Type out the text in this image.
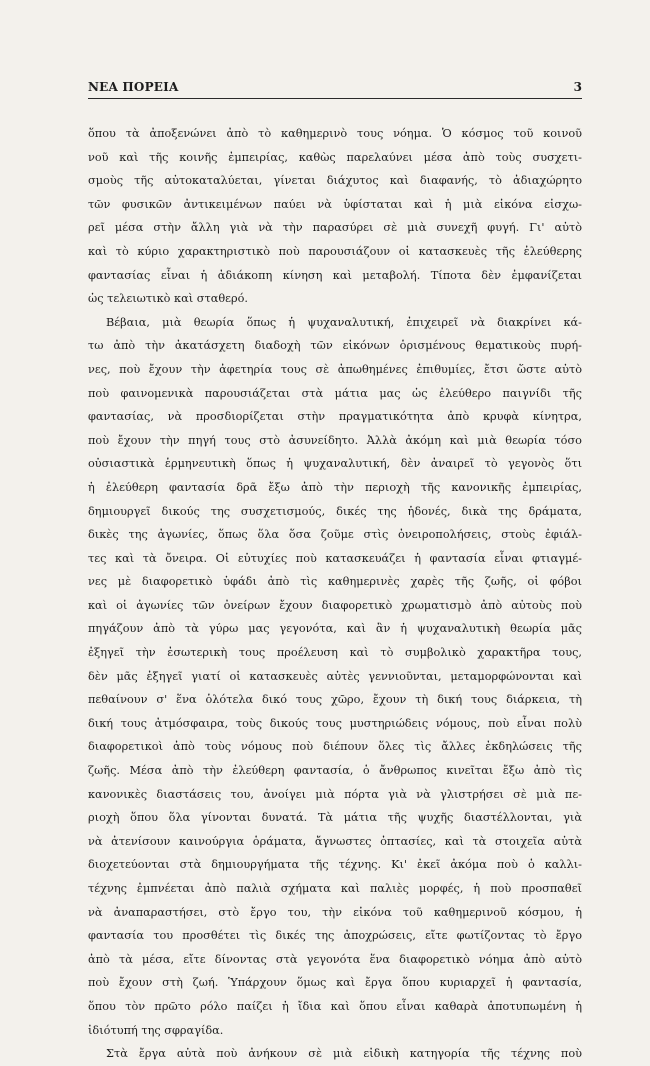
ΝΕΑ ΠΟΡΕΙΑ	3
ὅπου τὰ ἀποξενώνει ἀπὸ τὸ καθημερινὸ τους νόημα. Ὁ κόσμος τοῦ κοινοῦ
νοῦ καὶ τῆς κοινῆς ἐμπειρίας, καθὼς παρελαύνει μέσα ἀπὸ τοὺς συσχετι-
σμοὺς τῆς αὐτοκαταλύεται, γίνεται διάχυτος καὶ διαφανής, τὸ ἀδιαχώρητο
τῶν φυσικῶν ἀντικειμένων παύει νὰ ὑφίσταται καὶ ἡ μιὰ εἰκόνα εἰσχω-
ρεῖ μέσα στὴν ἄλλη γιὰ νὰ τὴν παρασύρει σὲ μιὰ συνεχῆ φυγή. Γι' αὐτὸ
καὶ τὸ κύριο χαρακτηριστικὸ ποὺ παρουσιάζουν οἱ κατασκευὲς τῆς ἐλεύθερης
φαντασίας εἶναι ἡ ἀδιάκοπη κίνηση καὶ μεταβολή. Τίποτα δὲν ἐμφανίζεται
ὡς τελειωτικὸ καὶ σταθερό.
Βέβαια, μιὰ θεωρία ὅπως ἡ ψυχαναλυτική, ἐπιχειρεῖ νὰ διακρίνει κά-
τω ἀπὸ τὴν ἀκατάσχετη διαδοχὴ τῶν εἰκόνων ὁρισμένους θεματικοὺς πυρή-
νες, ποὺ ἔχουν τὴν ἀφετηρία τους σὲ ἀπωθημένες ἐπιθυμίες, ἔτσι ὥστε αὐτὸ
ποὺ φαινομενικὰ παρουσιάζεται στὰ μάτια μας ὡς ἐλεύθερο παιγνίδι τῆς
φαντασίας, νὰ προσδιορίζεται στὴν πραγματικότητα ἀπὸ κρυφὰ κίνητρα,
ποὺ ἔχουν τὴν πηγή τους στὸ ἀσυνείδητο. Ἀλλὰ ἀκόμη καὶ μιὰ θεωρία τόσο
οὐσιαστικὰ ἑρμηνευτικὴ ὅπως ἡ ψυχαναλυτική, δὲν ἀναιρεῖ τὸ γεγονὸς ὅτι
ἡ ἐλεύθερη φαντασία δρᾶ ἔξω ἀπὸ τὴν περιοχὴ τῆς κανονικῆς ἐμπειρίας,
δημιουργεῖ δικούς της συσχετισμούς, δικές της ἡδονές, δικὰ της δράματα,
δικὲς της ἀγωνίες, ὅπως ὅλα ὅσα ζοῦμε στὶς ὀνειροπολήσεις, στοὺς ἐφιάλ-
τες καὶ τὰ ὄνειρα. Οἱ εὐτυχίες ποὺ κατασκευάζει ἡ φαντασία εἶναι φτιαγμέ-
νες μὲ διαφορετικὸ ὑφάδι ἀπὸ τὶς καθημερινὲς χαρὲς τῆς ζωῆς, οἱ φόβοι
καὶ οἱ ἀγωνίες τῶν ὀνείρων ἔχουν διαφορετικὸ χρωματισμὸ ἀπὸ αὐτοὺς ποὺ
πηγάζουν ἀπὸ τὰ γύρω μας γεγονότα, καὶ ἂν ἡ ψυχαναλυτικὴ θεωρία μᾶς
ἐξηγεῖ τὴν ἐσωτερικὴ τους προέλευση καὶ τὸ συμβολικὸ χαρακτῆρα τους,
δὲν μᾶς ἐξηγεῖ γιατί οἱ κατασκευὲς αὐτὲς γεννιοῦνται, μεταμορφώνονται καὶ
πεθαίνουν σ' ἕνα ὁλότελα δικό τους χῶρο, ἔχουν τὴ δική τους διάρκεια, τὴ
δική τους ἀτμόσφαιρα, τοὺς δικούς τους μυστηριώδεις νόμους, ποὺ εἶναι πολὺ
διαφορετικοὶ ἀπὸ τοὺς νόμους ποὺ διέπουν ὅλες τὶς ἄλλες ἐκδηλώσεις τῆς
ζωῆς. Μέσα ἀπὸ τὴν ἐλεύθερη φαντασία, ὁ ἄνθρωπος κινεῖται ἔξω ἀπὸ τὶς
κανονικὲς διαστάσεις του, ἀνοίγει μιὰ πόρτα γιὰ νὰ γλιστρήσει σὲ μιὰ πε-
ριοχὴ ὅπου ὅλα γίνονται δυνατά. Τὰ μάτια τῆς ψυχῆς διαστέλλονται, γιὰ
νὰ ἀτενίσουν καινούργια ὁράματα, ἄγνωστες ὀπτασίες, καὶ τὰ στοιχεῖα αὐτὰ
διοχετεύονται στὰ δημιουργήματα τῆς τέχνης. Κι' ἐκεῖ ἀκόμα ποὺ ὁ καλλι-
τέχνης ἐμπνέεται ἀπὸ παλιὰ σχήματα καὶ παλιὲς μορφές, ἡ ποὺ προσπαθεῖ
νὰ ἀναπαραστήσει, στὸ ἔργο του, τὴν εἰκόνα τοῦ καθημερινοῦ κόσμου, ἡ
φαντασία του προσθέτει τὶς δικές της ἀποχρώσεις, εἴτε φωτίζοντας τὸ ἔργο
ἀπὸ τὰ μέσα, εἴτε δίνοντας στὰ γεγονότα ἕνα διαφορετικὸ νόημα ἀπὸ αὐτὸ
ποὺ ἔχουν στὴ ζωή. Ὑπάρχουν ὅμως καὶ ἔργα ὅπου κυριαρχεῖ ἡ φαντασία,
ὅπου τὸν πρῶτο ρόλο παίζει ἡ ἴδια καὶ ὅπου εἶναι καθαρὰ ἀποτυπωμένη ἡ
ἰδιότυπή της σφραγίδα.
Στὰ ἔργα αὐτὰ ποὺ ἀνήκουν σὲ μιὰ εἰδικὴ κατηγορία τῆς τέχνης ποὺ
